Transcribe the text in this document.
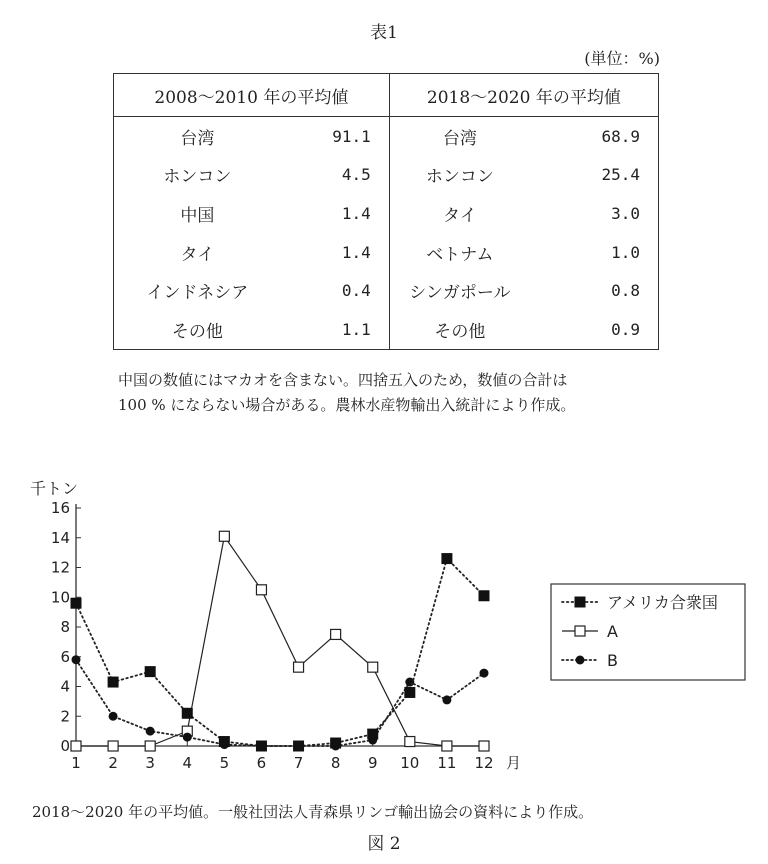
表1
(単位：%)
2008～2010 年の平均値	2018～2020 年の平均値

台湾 91.1	台湾 68.9

ホンコン 4.5	ホンコン 25.4

中国 1.4	タイ 3.0

タイ 1.4	ベトナム 1.0

インドネシア 0.4	シンガポール 0.8

その他 1.1	その他 0.9
中国の数値にはマカオを含まない。四捨五入のため，数値の合計は
100 % にならない場合がある。農林水産物輸出入統計により作成。
0
2
4
6
8
10
12
14
16
1 2 3 4 5 6 7 8 9 10 11 12
千トン
月
アメリカ合衆国
A
B
2018～2020 年の平均値。一般社団法人青森県リンゴ輸出協会の資料により作成。
図 2
